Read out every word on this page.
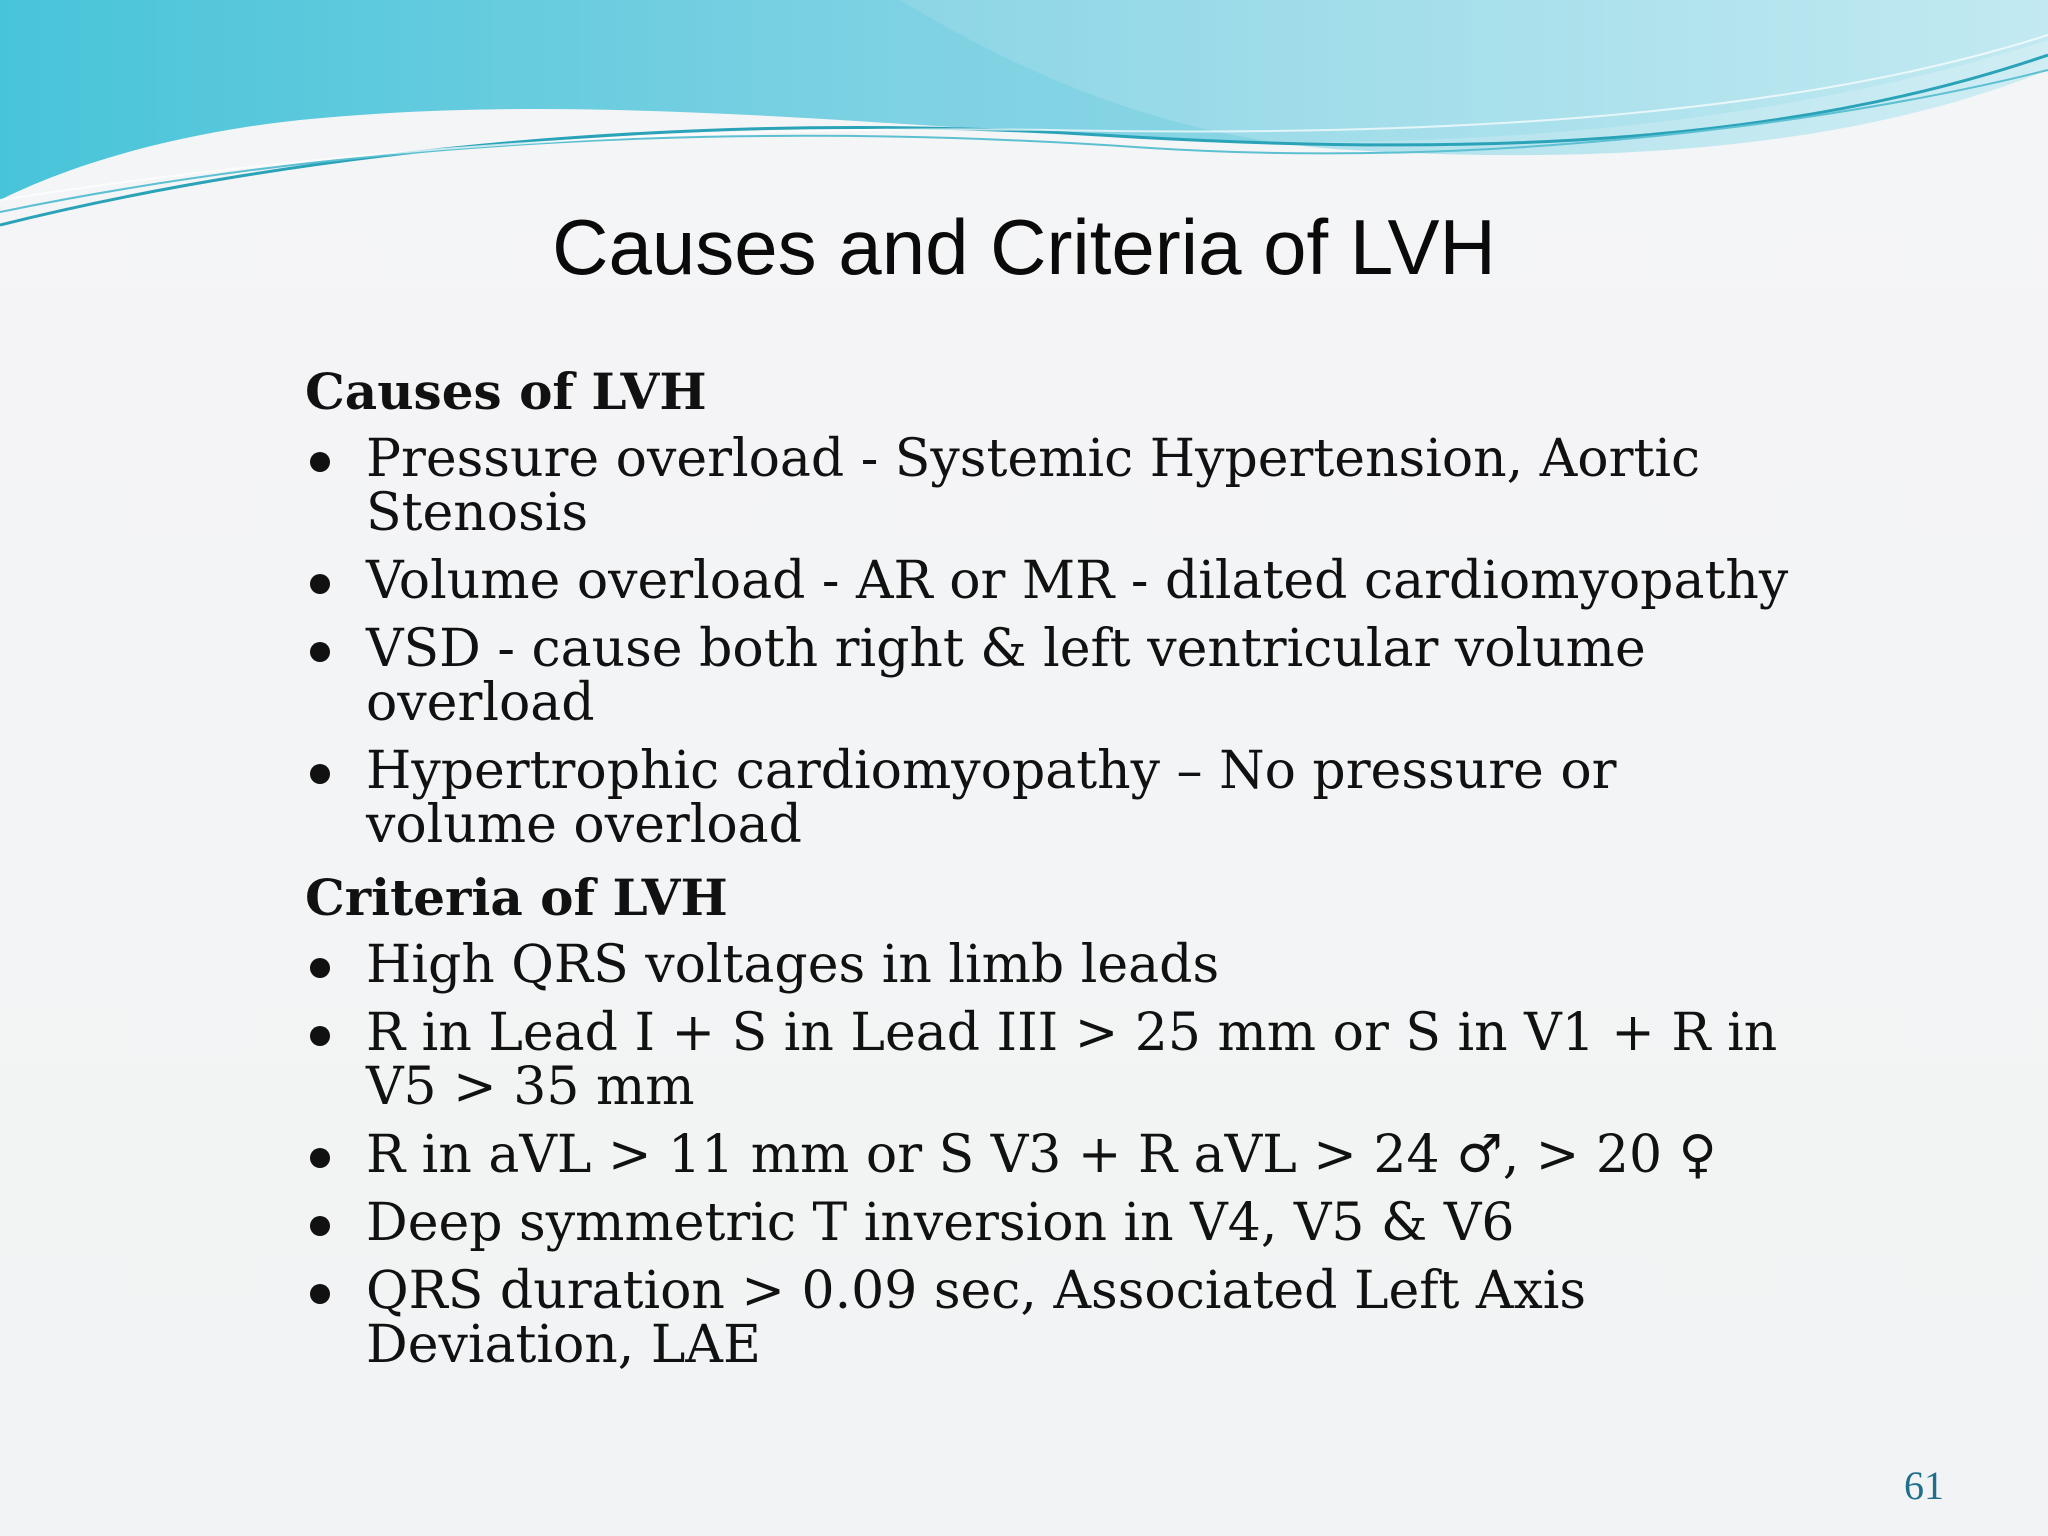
Causes and Criteria of LVH
Causes of LVH
Pressure overload - Systemic Hypertension, Aortic Stenosis
Volume overload - AR or MR - dilated cardiomyopathy
VSD - cause both right & left ventricular volume overload
Hypertrophic cardiomyopathy – No pressure or volume overload
Criteria of LVH
High QRS voltages in limb leads
R in Lead I + S in Lead III > 25 mm or S in V1 + R in V5 > 35 mm
R in aVL > 11 mm or S V3 + R aVL > 24 ♂, > 20 ♀
Deep symmetric T inversion in V4, V5 & V6
QRS duration > 0.09 sec, Associated Left Axis Deviation, LAE
61
